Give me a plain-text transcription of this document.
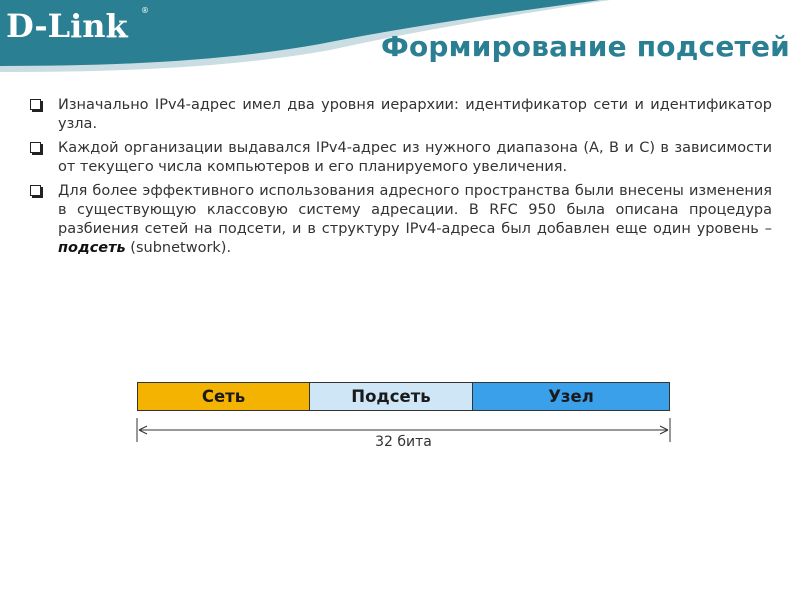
D-Link ®
Формирование подсетей
Изначально IPv4-адрес имел два уровня иерархии: идентификатор сети и идентификатор узла.
Каждой организации выдавался IPv4-адрес из нужного диапазона (A, B и C) в зависимости от текущего числа компьютеров и его планируемого увеличения.
Для более эффективного использования адресного пространства были внесены изменения в существующую классовую систему адресации. В RFC 950 была описана процедура разбиения сетей на подсети, и в структуру IPv4-адреса был добавлен еще один уровень – подсеть (subnetwork).
Сеть	Подсеть	Узел
32 бита
